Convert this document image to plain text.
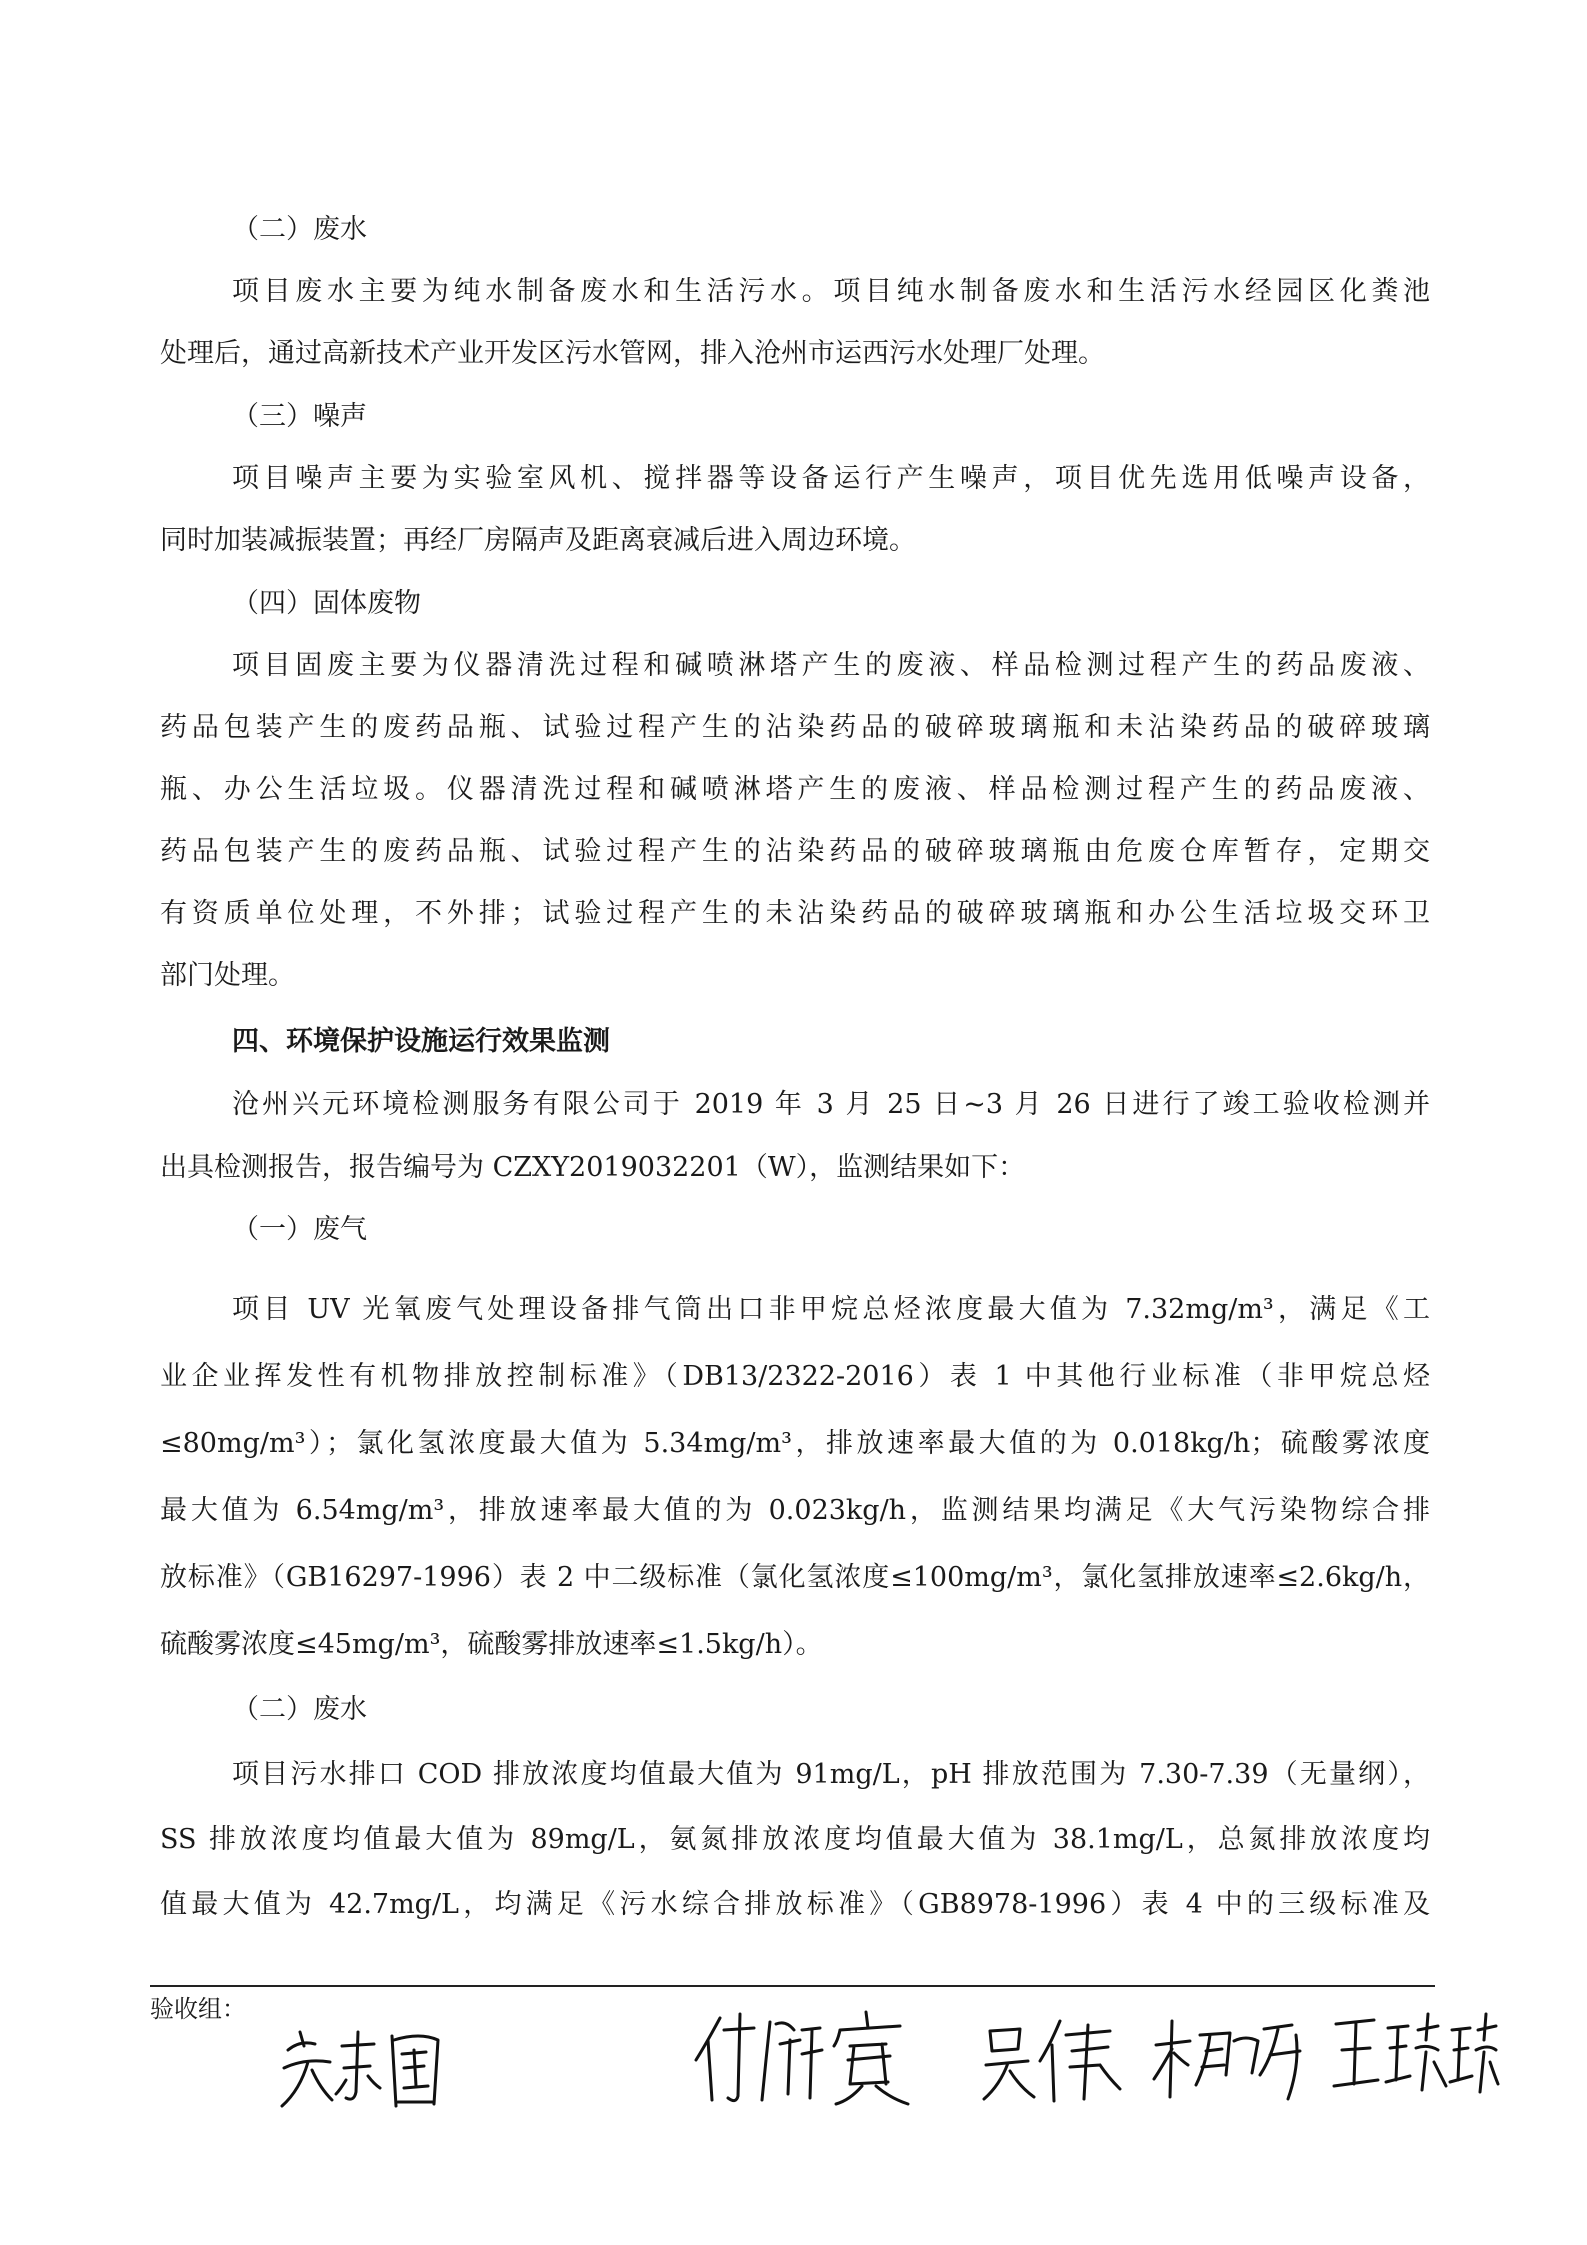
（二）废水
项目废水主要为纯水制备废水和生活污水。项目纯水制备废水和生活污水经园区化粪池
处理后，通过高新技术产业开发区污水管网，排入沧州市运西污水处理厂处理。
（三）噪声
项目噪声主要为实验室风机、搅拌器等设备运行产生噪声，项目优先选用低噪声设备，
同时加装减振装置；再经厂房隔声及距离衰减后进入周边环境。
（四）固体废物
项目固废主要为仪器清洗过程和碱喷淋塔产生的废液、样品检测过程产生的药品废液、
药品包装产生的废药品瓶、试验过程产生的沾染药品的破碎玻璃瓶和未沾染药品的破碎玻璃
瓶、办公生活垃圾。仪器清洗过程和碱喷淋塔产生的废液、样品检测过程产生的药品废液、
药品包装产生的废药品瓶、试验过程产生的沾染药品的破碎玻璃瓶由危废仓库暂存，定期交
有资质单位处理，不外排；试验过程产生的未沾染药品的破碎玻璃瓶和办公生活垃圾交环卫
部门处理。
四、环境保护设施运行效果监测
沧州兴元环境检测服务有限公司于 2019 年 3 月 25 日~3 月 26 日进行了竣工验收检测并
出具检测报告，报告编号为 CZXY2019032201（W），监测结果如下：
（一）废气
项目 UV 光氧废气处理设备排气筒出口非甲烷总烃浓度最大值为 7.32mg/m³，满足《工
业企业挥发性有机物排放控制标准》（DB13/2322-2016）表 1 中其他行业标准（非甲烷总烃
≤80mg/m³）；氯化氢浓度最大值为 5.34mg/m³，排放速率最大值的为 0.018kg/h；硫酸雾浓度
最大值为 6.54mg/m³，排放速率最大值的为 0.023kg/h，监测结果均满足《大气污染物综合排
放标准》（GB16297-1996）表 2 中二级标准（氯化氢浓度≤100mg/m³，氯化氢排放速率≤2.6kg/h，
硫酸雾浓度≤45mg/m³，硫酸雾排放速率≤1.5kg/h）。
（二）废水
项目污水排口 COD 排放浓度均值最大值为 91mg/L，pH 排放范围为 7.30-7.39（无量纲），
SS 排放浓度均值最大值为 89mg/L，氨氮排放浓度均值最大值为 38.1mg/L，总氮排放浓度均
值最大值为 42.7mg/L，均满足《污水综合排放标准》（GB8978-1996）表 4 中的三级标准及
验收组：
